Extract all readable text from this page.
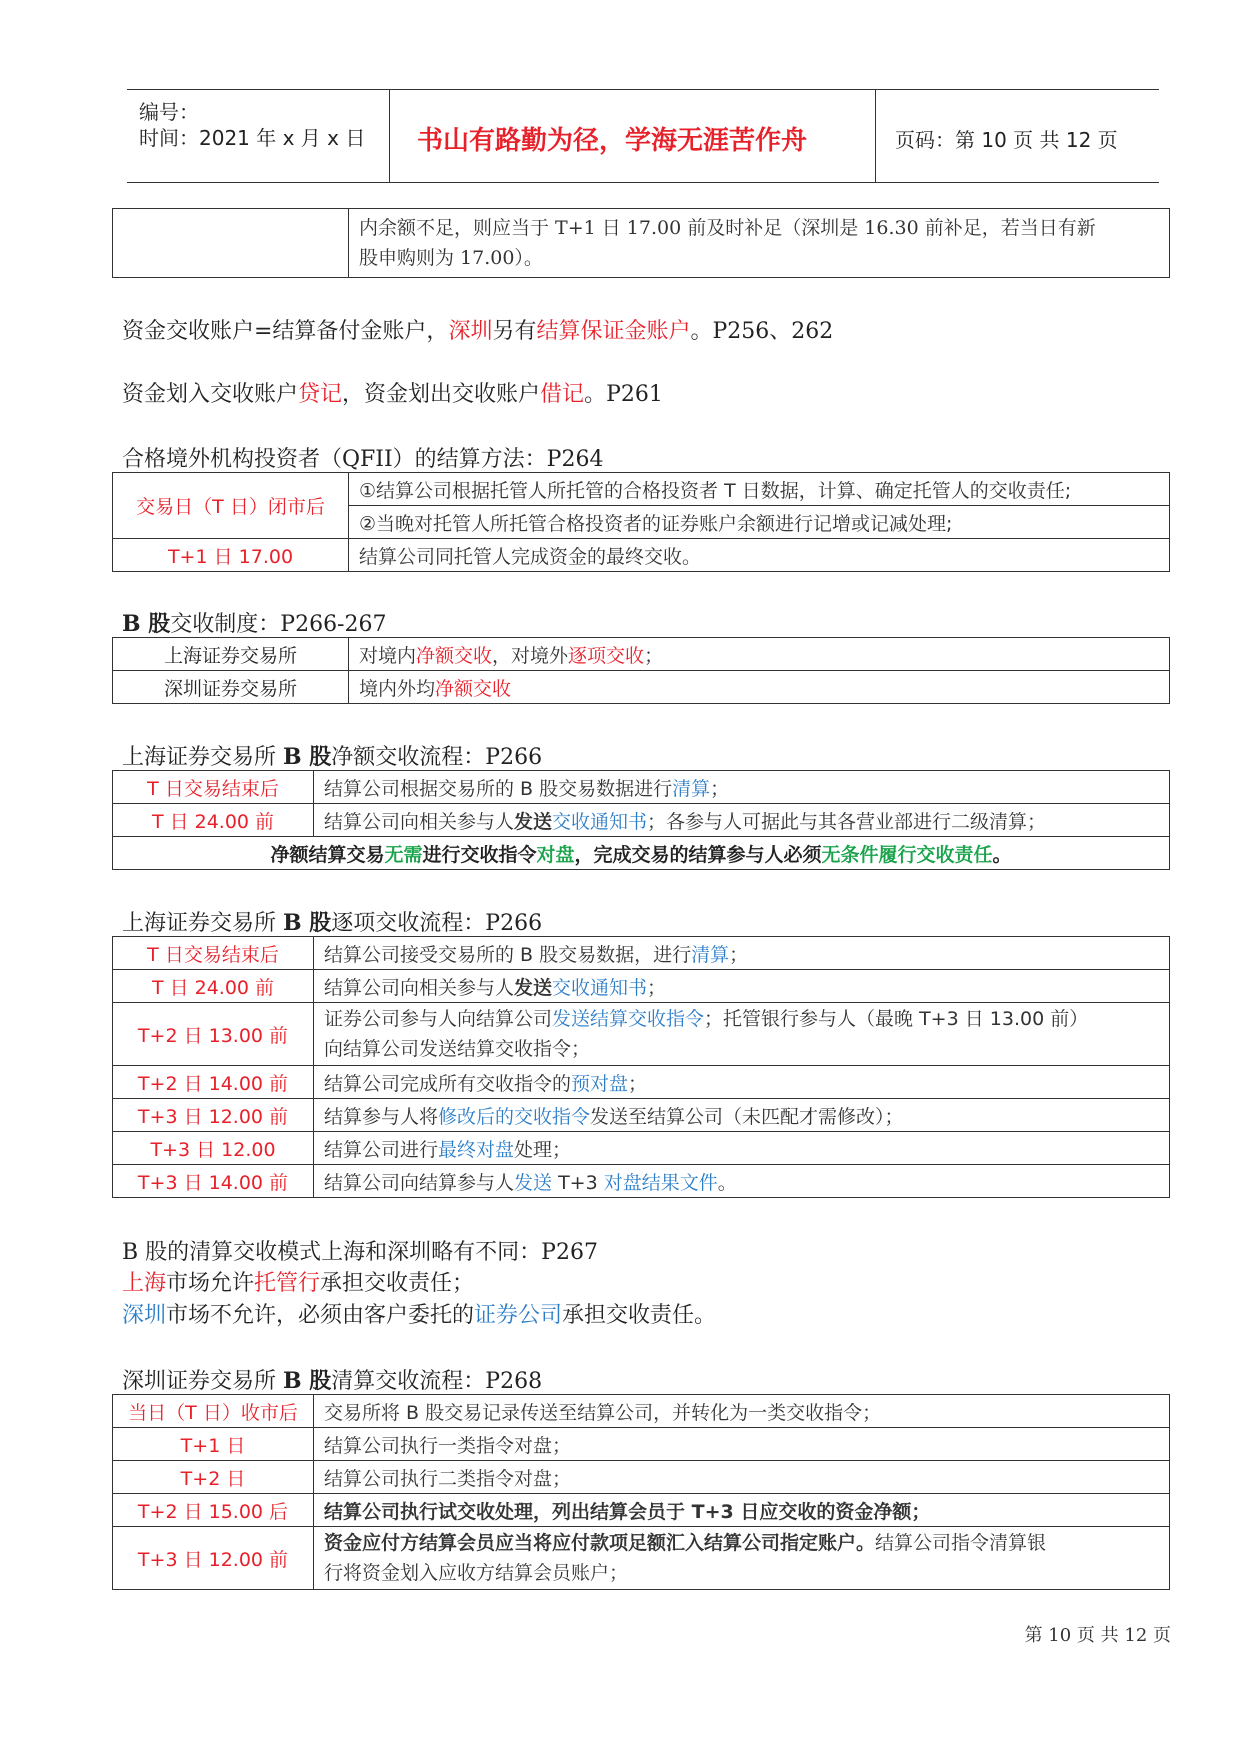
编号：
时间：2021 年 x 月 x 日 书山有路勤为径，学海无涯苦作舟	页码：第 10 页 共 12 页

内余额不足，则应当于 T+1 日 17.00 前及时补足（深圳是 16.30 前补足，若当日有新
股申购则为 17.00）。
资金交收账户=结算备付金账户，深圳另有结算保证金账户。P256、262
资金划入交收账户贷记，资金划出交收账户借记。P261
合格境外机构投资者（QFII）的结算方法：P264
交易日（T 日）闭市后	①结算公司根据托管人所托管的合格投资者 T 日数据，计算、确定托管人的交收责任;
	②当晚对托管人所托管合格投资者的证券账户余额进行记增或记减处理;
T+1 日 17.00	结算公司同托管人完成资金的最终交收。
B 股交收制度：P266-267
上海证券交易所	对境内净额交收，对境外逐项交收；
深圳证券交易所	境内外均净额交收
上海证券交易所 B 股净额交收流程：P266
T 日交易结束后	结算公司根据交易所的 B 股交易数据进行清算；
T 日 24.00 前	结算公司向相关参与人发送交收通知书；各参与人可据此与其各营业部进行二级清算；
净额结算交易无需进行交收指令对盘，完成交易的结算参与人必须无条件履行交收责任。	
上海证券交易所 B 股逐项交收流程：P266
T 日交易结束后	结算公司接受交易所的 B 股交易数据，进行清算；
T 日 24.00 前	结算公司向相关参与人发送交收通知书；
T+2 日 13.00 前	证券公司参与人向结算公司发送结算交收指令；托管银行参与人（最晚 T+3 日 13.00 前）
向结算公司发送结算交收指令；
T+2 日 14.00 前	结算公司完成所有交收指令的预对盘；
T+3 日 12.00 前	结算参与人将修改后的交收指令发送至结算公司（未匹配才需修改）；
T+3 日 12.00	结算公司进行最终对盘处理；
T+3 日 14.00 前	结算公司向结算参与人发送 T+3 对盘结果文件。
B 股的清算交收模式上海和深圳略有不同：P267
上海市场允许托管行承担交收责任；
深圳市场不允许，必须由客户委托的证券公司承担交收责任。
深圳证券交易所 B 股清算交收流程：P268
当日（T 日）收市后	交易所将 B 股交易记录传送至结算公司，并转化为一类交收指令；
T+1 日	结算公司执行一类指令对盘；
T+2 日	结算公司执行二类指令对盘；
T+2 日 15.00 后	结算公司执行试交收处理，列出结算会员于 T+3 日应交收的资金净额；
T+3 日 12.00 前	资金应付方结算会员应当将应付款项足额汇入结算公司指定账户。结算公司指令清算银
行将资金划入应收方结算会员账户；
第 10 页 共 12 页
